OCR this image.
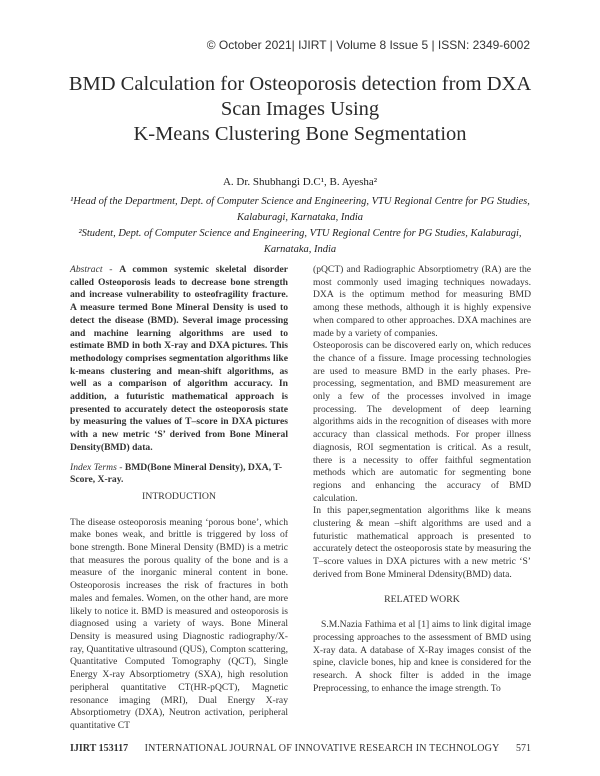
© October 2021| IJIRT | Volume 8 Issue 5 | ISSN: 2349-6002
BMD Calculation for Osteoporosis detection from DXA
Scan Images Using
K-Means Clustering Bone Segmentation
A. Dr. Shubhangi D.C¹, B. Ayesha²
¹Head of the Department, Dept. of Computer Science and Engineering, VTU Regional Centre for PG Studies, Kalaburagi, Karnataka, India
²Student, Dept. of Computer Science and Engineering, VTU Regional Centre for PG Studies, Kalaburagi, Karnataka, India

Abstract - A common systemic skeletal disorder called Osteoporosis leads to decrease bone strength and increase vulnerability to osteofragility fracture. A measure termed Bone Mineral Density is used to detect the disease (BMD). Several image processing and machine learning algorithms are used to estimate BMD in both X-ray and DXA pictures. This methodology comprises segmentation algorithms like k-means clustering and mean-shift algorithms, as well as a comparison of algorithm accuracy. In addition, a futuristic mathematical approach is presented to accurately detect the osteoporosis state by measuring the values of T–score in DXA pictures with a new metric ‘S’ derived from Bone Mineral Density(BMD) data.

Index Terms - BMD(Bone Mineral Density), DXA, T-Score, X-ray.

INTRODUCTION

The disease osteoporosis meaning ‘porous bone’, which make bones weak, and brittle is triggered by loss of bone strength. Bone Mineral Density (BMD) is a metric that measures the porous quality of the bone and is a measure of the inorganic mineral content in bone. Osteoporosis increases the risk of fractures in both males and females. Women, on the other hand, are more likely to notice it. BMD is measured and osteoporosis is diagnosed using a variety of ways. Bone Mineral Density is measured using Diagnostic radiography/X-ray, Quantitative ultrasound (QUS), Compton scattering, Quantitative Computed Tomography (QCT), Single Energy X-ray Absorptiometry (SXA), high resolution peripheral quantitative CT(HR-pQCT), Magnetic resonance imaging (MRI), Dual Energy X-ray Absorptiometry (DXA), Neutron activation, peripheral quantitative CT

(pQCT) and Radiographic Absorptiometry (RA) are the most commonly used imaging techniques nowadays. DXA is the optimum method for measuring BMD among these methods, although it is highly expensive when compared to other approaches. DXA machines are made by a variety of companies.

Osteoporosis can be discovered early on, which reduces the chance of a fissure. Image processing technologies are used to measure BMD in the early phases. Pre-processing, segmentation, and BMD measurement are only a few of the processes involved in image processing. The development of deep learning algorithms aids in the recognition of diseases with more accuracy than classical methods. For proper illness diagnosis, ROI segmentation is critical. As a result, there is a necessity to offer faithful segmentation methods which are automatic for segmenting bone regions and enhancing the accuracy of BMD calculation.

In this paper,segmentation algorithms like k means clustering & mean –shift algorithms are used and a futuristic mathematical approach is presented to accurately detect the osteoporosis state by measuring the T–score values in DXA pictures with a new metric ‘S’ derived from Bone Mmineral Ddensity(BMD) data.

RELATED WORK

S.M.Nazia Fathima et al [1] aims to link digital image processing approaches to the assessment of BMD using X-ray data. A database of X-Ray images consist of the spine, clavicle bones, hip and knee is considered for the research. A shock filter is added in the image Preprocessing, to enhance the image strength. To

IJIRT 153117 INTERNATIONAL JOURNAL OF INNOVATIVE RESEARCH IN TECHNOLOGY 571
